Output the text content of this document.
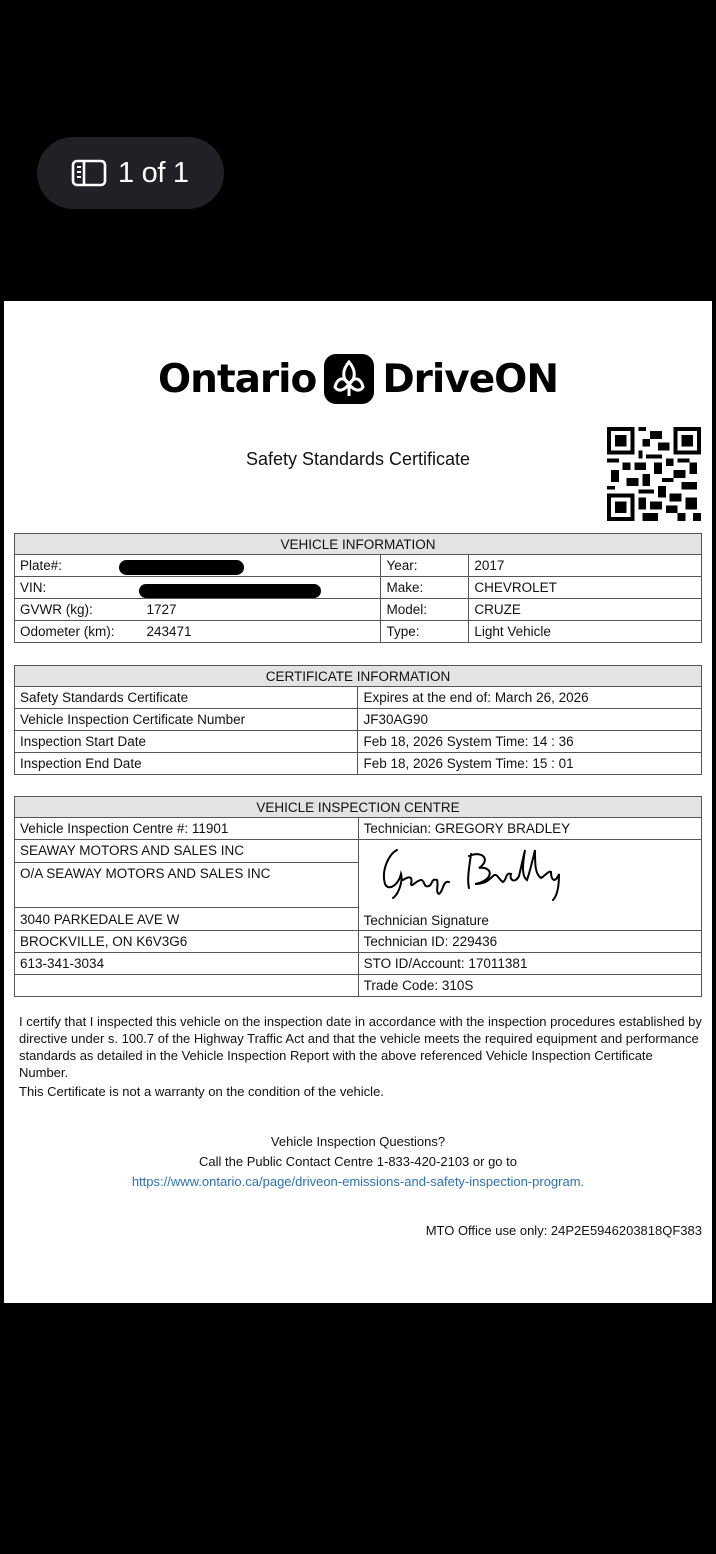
1 of 1
Ontario DriveON
Safety Standards Certificate
VEHICLE INFORMATION			
Plate#:		Year:	2017
VIN:		Make:	CHEVROLET
GVWR (kg):	1727	Model:	CRUZE
Odometer (km):	243471	Type:	Light Vehicle
CERTIFICATE INFORMATION	
Safety Standards Certificate	Expires at the end of: March 26, 2026
Vehicle Inspection Certificate Number	JF30AG90
Inspection Start Date	Feb 18, 2026 System Time: 14 : 36
Inspection End Date	Feb 18, 2026 System Time: 15 : 01
VEHICLE INSPECTION CENTRE	
Vehicle Inspection Centre #: 11901	Technician: GREGORY BRADLEY
SEAWAY MOTORS AND SALES INC	Technician Signature
O/A SEAWAY MOTORS AND SALES INC	
3040 PARKEDALE AVE W	
BROCKVILLE, ON K6V3G6	Technician ID: 229436
613-341-3034	STO ID/Account: 17011381
	Trade Code: 310S

I certify that I inspected this vehicle on the inspection date in accordance with the inspection procedures established by directive under s. 100.7 of the Highway Traffic Act and that the vehicle meets the required equipment and performance standards as detailed in the Vehicle Inspection Report with the above referenced Vehicle Inspection Certificate Number.

This Certificate is not a warranty on the condition of the vehicle.

Vehicle Inspection Questions?
Call the Public Contact Centre 1-833-420-2103 or go to
https://www.ontario.ca/page/driveon-emissions-and-safety-inspection-program.
MTO Office use only: 24P2E5946203818QF383
